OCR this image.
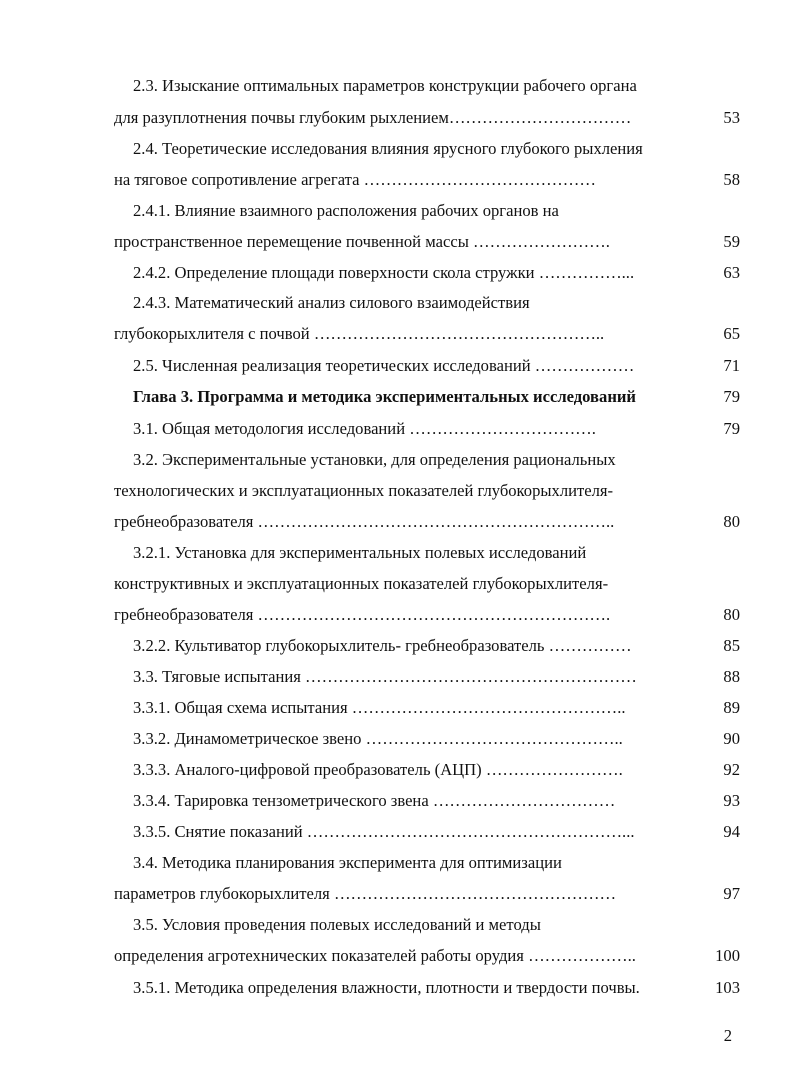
2.3. Изыскание оптимальных параметров конструкции рабочего органа
для разуплотнения почвы глубоким рыхлением……………………………	53
2.4. Теоретические исследования влияния ярусного глубокого рыхления
на тяговое сопротивление агрегата ……………………………………	58
2.4.1. Влияние взаимного расположения рабочих органов на
пространственное перемещение почвенной массы …………………….	59
2.4.2. Определение площади поверхности скола стружки ……………...	63
2.4.3. Математический анализ силового взаимодействия
глубокорыхлителя с почвой ……………………………………………..	65
2.5. Численная реализация теоретических исследований ………………	71
Глава 3. Программа и методика экспериментальных исследований	79
3.1. Общая методология исследований …………………………….	79
3.2. Экспериментальные установки, для определения рациональных
технологических и эксплуатационных показателей глубокорыхлителя-
гребнеобразователя ………………………………………………………..	80
3.2.1. Установка для экспериментальных полевых исследований
конструктивных и эксплуатационных показателей глубокорыхлителя-
гребнеобразователя ……………………………………………………….	80
3.2.2. Культиватор глубокорыхлитель- гребнеобразователь ……………	85
3.3. Тяговые испытания ……………………………………………………	88
3.3.1. Общая схема испытания …………………………………………..	89
3.3.2. Динамометрическое звено ………………………………………..	90
3.3.3. Аналого-цифровой преобразователь (АЦП) …………………….	92
3.3.4. Тарировка тензометрического звена ……………………………	93
3.3.5. Снятие показаний …………………………………………………...	94
3.4. Методика планирования эксперимента для оптимизации
параметров глубокорыхлителя ……………………………………………	97
3.5. Условия проведения полевых исследований и методы
определения агротехнических показателей работы орудия ………………..	100
3.5.1. Методика определения влажности, плотности и твердости почвы.	103
2
